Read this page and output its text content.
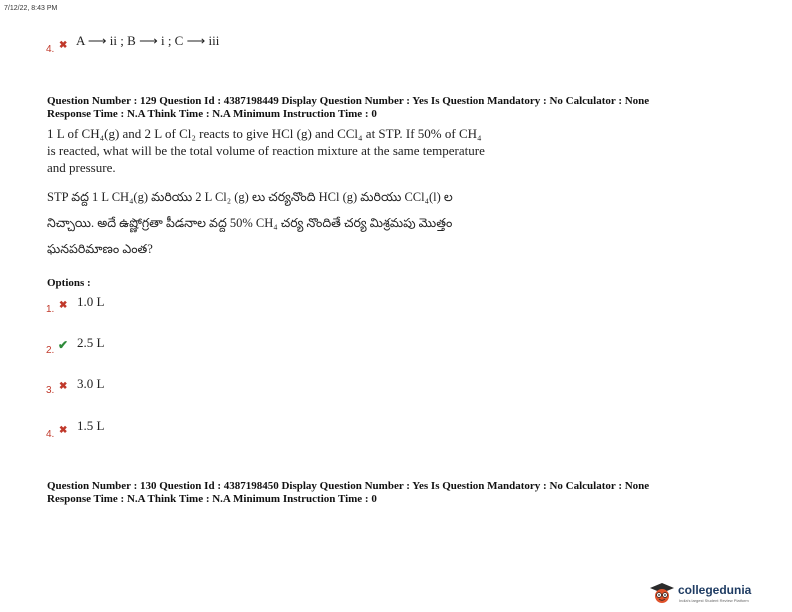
7/12/22, 8:43 PM
4. ✖ A ⟶ ii ; B ⟶ i ; C ⟶ iii
Question Number : 129 Question Id : 4387198449 Display Question Number : Yes Is Question Mandatory : No Calculator : None
Response Time : N.A Think Time : N.A Minimum Instruction Time : 0
1 L of CH₄(g) and 2 L of Cl₂ reacts to give HCl (g) and CCl₄ at STP. If 50% of CH₄
is reacted, what will be the total volume of reaction mixture at the same temperature
and pressure.
STP వద్ద 1 L CH₄(g) మరియు 2 L Cl₂ (g) లు చర్యనొంది HCl (g) మరియు CCl₄(l) ల
నిచ్చాయి. అదే ఉష్ణోగ్రతా పీడనాల వద్ద 50% CH₄ చర్య నొందితే చర్య మిశ్రమపు మొత్తం
ఘనపరిమాణం ఎంత?
Options :
1. ✖ 1.0 L
2. ✔ 2.5 L
3. ✖ 3.0 L
4. ✖ 1.5 L
Question Number : 130 Question Id : 4387198450 Display Question Number : Yes Is Question Mandatory : No Calculator : None
Response Time : N.A Think Time : N.A Minimum Instruction Time : 0
collegedunia
India's largest Student Review Platform
